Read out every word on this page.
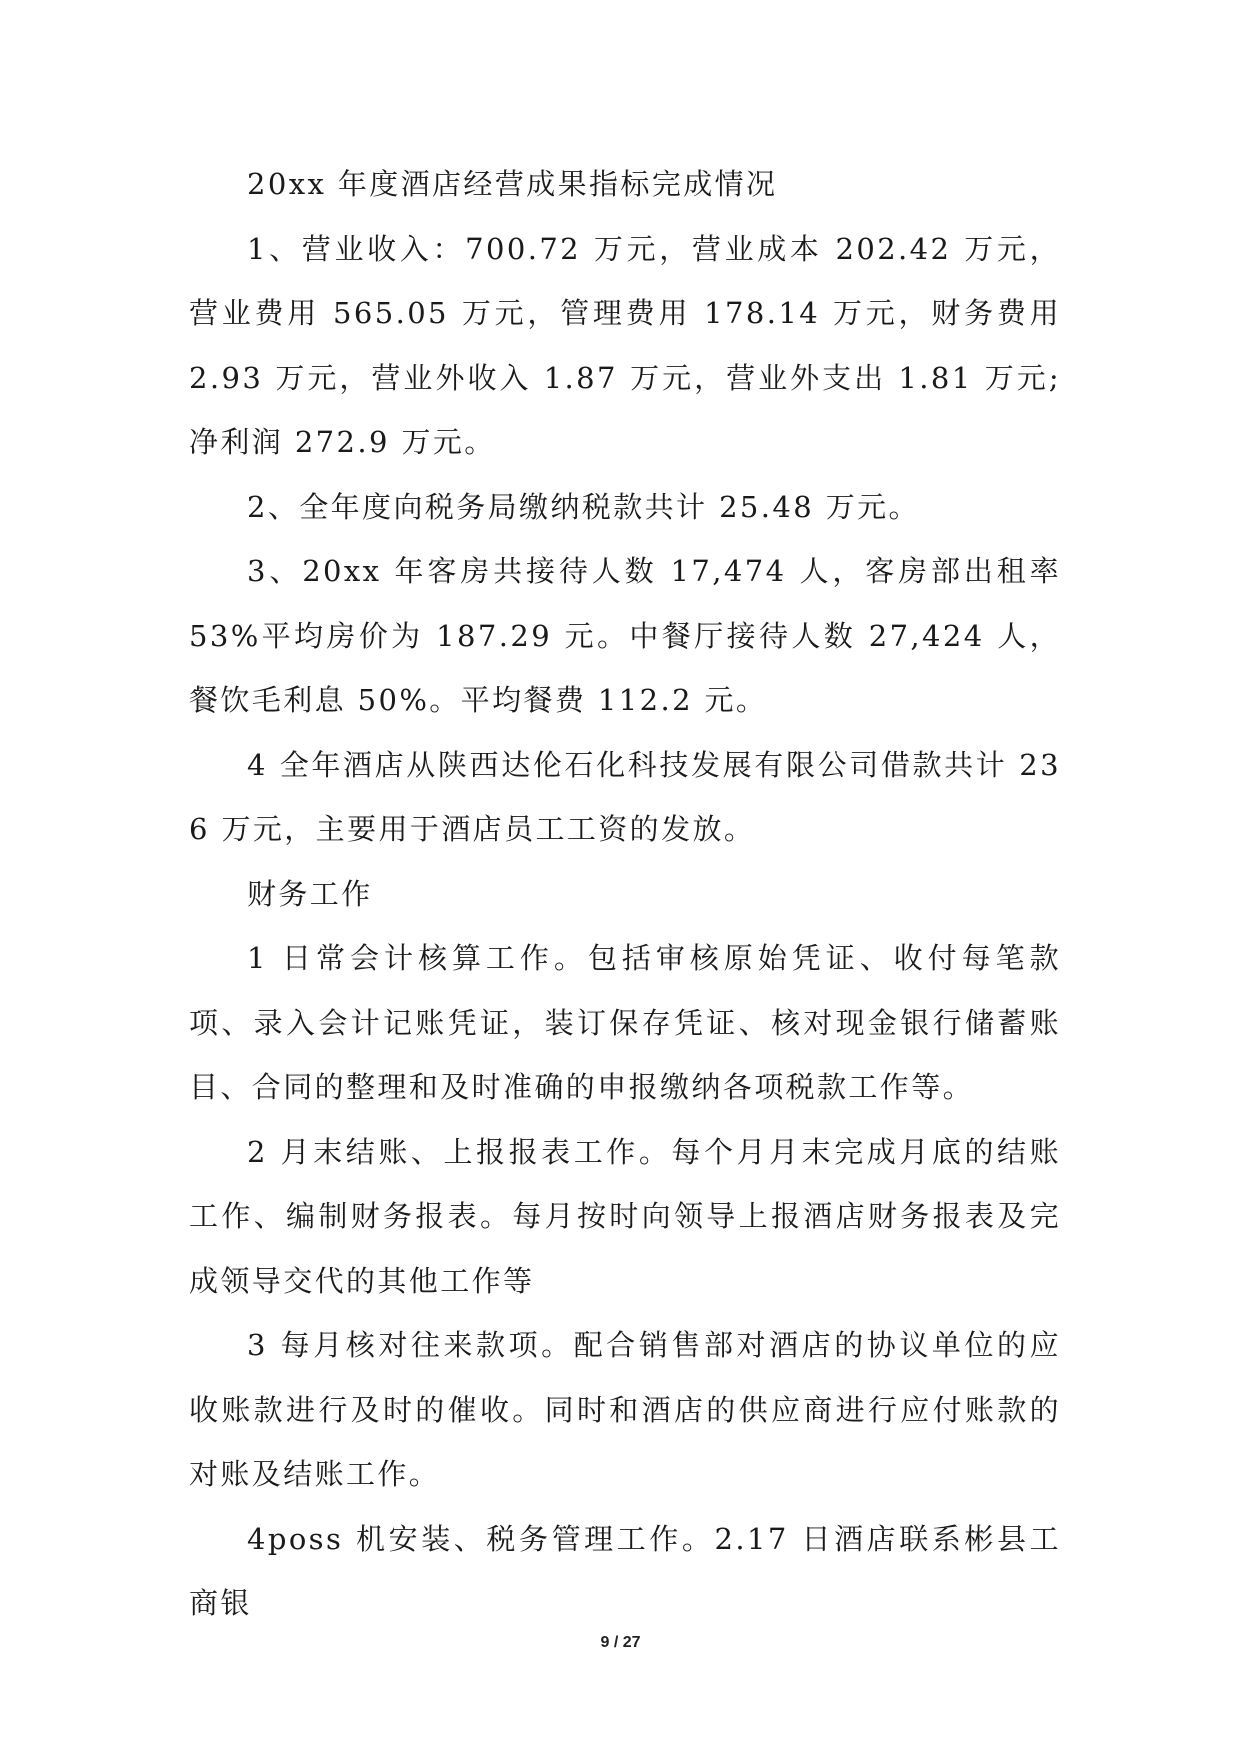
20xx 年度酒店经营成果指标完成情况

1、营业收入：700.72 万元，营业成本 202.42 万元，营业费用 565.05 万元，管理费用 178.14 万元，财务费用 2.93 万元，营业外收入 1.87 万元，营业外支出 1.81 万元;净利润 272.9 万元。

2、全年度向税务局缴纳税款共计 25.48 万元。

3、20xx 年客房共接待人数 17,474 人，客房部出租率 53%平均房价为 187.29 元。中餐厅接待人数 27,424 人，餐饮毛利息 50%。平均餐费 112.2 元。

4 全年酒店从陕西达伦石化科技发展有限公司借款共计 236 万元，主要用于酒店员工工资的发放。

财务工作

1 日常会计核算工作。包括审核原始凭证、收付每笔款项、录入会计记账凭证，装订保存凭证、核对现金银行储蓄账目、合同的整理和及时准确的申报缴纳各项税款工作等。

2 月末结账、上报报表工作。每个月月末完成月底的结账工作、编制财务报表。每月按时向领导上报酒店财务报表及完成领导交代的其他工作等

3 每月核对往来款项。配合销售部对酒店的协议单位的应收账款进行及时的催收。同时和酒店的供应商进行应付账款的对账及结账工作。

4poss 机安装、税务管理工作。2.17 日酒店联系彬县工商银

9 / 27
